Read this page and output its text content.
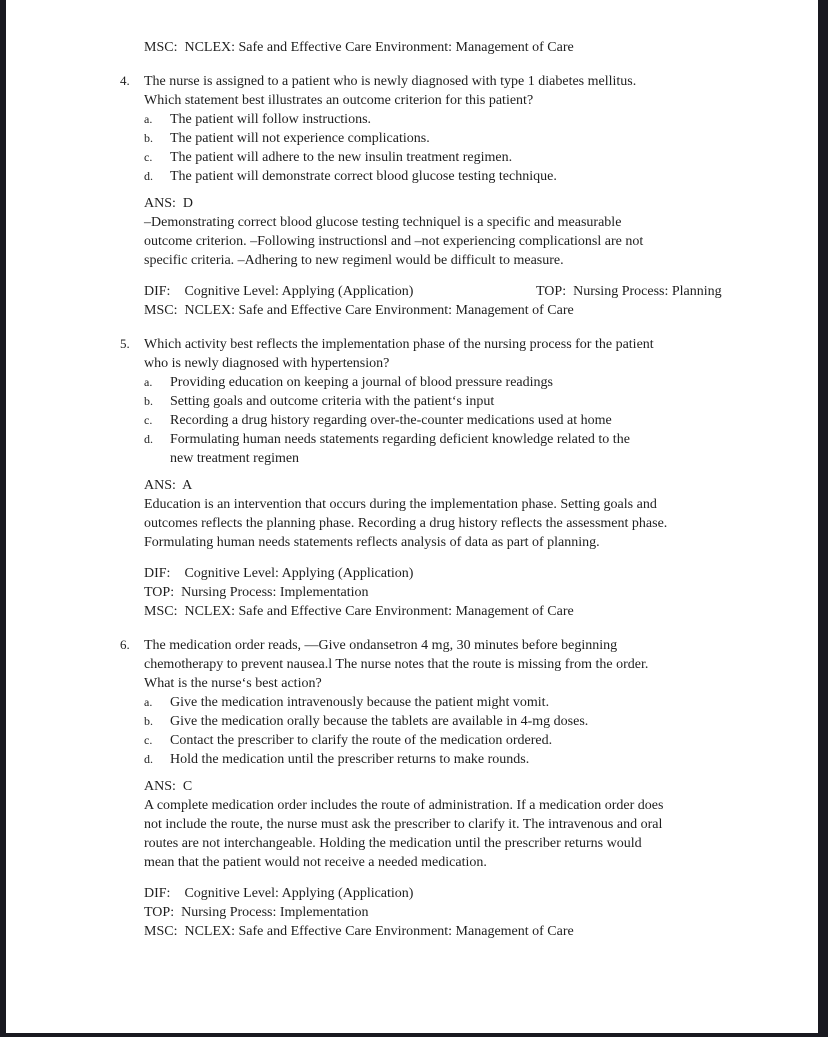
MSC:  NCLEX: Safe and Effective Care Environment: Management of Care
4.	The nurse is assigned to a patient who is newly diagnosed with type 1 diabetes mellitus.
Which statement best illustrates an outcome criterion for this patient?
a.	The patient will follow instructions.
b.	The patient will not experience complications.
c.	The patient will adhere to the new insulin treatment regimen.
d.	The patient will demonstrate correct blood glucose testing technique.
ANS:  D
–Demonstrating correct blood glucose testing techniquel is a specific and measurable
outcome criterion. –Following instructionsl and –not experiencing complicationsl are not
specific criteria. –Adhering to new regimenl would be difficult to measure.
DIF:    Cognitive Level: Applying (Application)	TOP:  Nursing Process: Planning
MSC:  NCLEX: Safe and Effective Care Environment: Management of Care
5.	Which activity best reflects the implementation phase of the nursing process for the patient
who is newly diagnosed with hypertension?
a.	Providing education on keeping a journal of blood pressure readings
b.	Setting goals and outcome criteria with the patient‘s input
c.	Recording a drug history regarding over-the-counter medications used at home
d.	Formulating human needs statements regarding deficient knowledge related to the
new treatment regimen
ANS:  A
Education is an intervention that occurs during the implementation phase. Setting goals and
outcomes reflects the planning phase. Recording a drug history reflects the assessment phase.
Formulating human needs statements reflects analysis of data as part of planning.
DIF:    Cognitive Level: Applying (Application)
TOP:  Nursing Process: Implementation
MSC:  NCLEX: Safe and Effective Care Environment: Management of Care
6.	The medication order reads, —Give ondansetron 4 mg, 30 minutes before beginning
chemotherapy to prevent nausea.l The nurse notes that the route is missing from the order.
What is the nurse‘s best action?
a.	Give the medication intravenously because the patient might vomit.
b.	Give the medication orally because the tablets are available in 4-mg doses.
c.	Contact the prescriber to clarify the route of the medication ordered.
d.	Hold the medication until the prescriber returns to make rounds.
ANS:  C
A complete medication order includes the route of administration. If a medication order does
not include the route, the nurse must ask the prescriber to clarify it. The intravenous and oral
routes are not interchangeable. Holding the medication until the prescriber returns would
mean that the patient would not receive a needed medication.
DIF:    Cognitive Level: Applying (Application)
TOP:  Nursing Process: Implementation
MSC:  NCLEX: Safe and Effective Care Environment: Management of Care
